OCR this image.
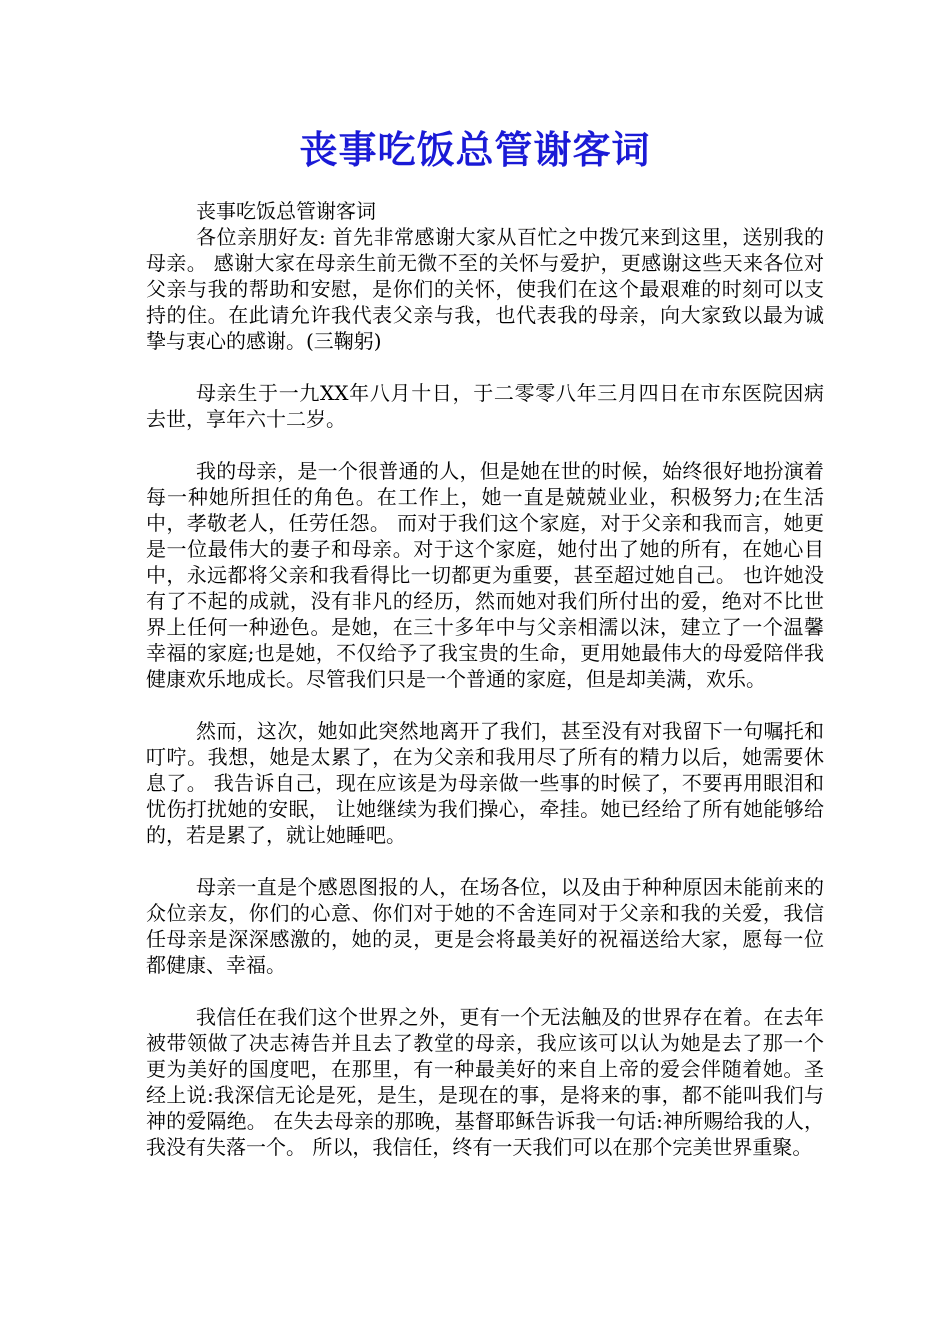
丧事吃饭总管谢客词

丧事吃饭总管谢客词

各位亲朋好友: 首先非常感谢大家从百忙之中拨冗来到这里，送别我的母亲。 感谢大家在母亲生前无微不至的关怀与爱护，更感谢这些天来各位对父亲与我的帮助和安慰，是你们的关怀，使我们在这个最艰难的时刻可以支持的住。在此请允许我代表父亲与我，也代表我的母亲，向大家致以最为诚挚与衷心的感谢。(三鞠躬)

母亲生于一九XX年八月十日，于二零零八年三月四日在市东医院因病去世，享年六十二岁。

我的母亲，是一个很普通的人，但是她在世的时候，始终很好地扮演着每一种她所担任的角色。在工作上，她一直是兢兢业业，积极努力;在生活中，孝敬老人，任劳任怨。 而对于我们这个家庭，对于父亲和我而言，她更是一位最伟大的妻子和母亲。对于这个家庭，她付出了她的所有，在她心目中，永远都将父亲和我看得比一切都更为重要，甚至超过她自己。 也许她没有了不起的成就，没有非凡的经历，然而她对我们所付出的爱，绝对不比世界上任何一种逊色。是她，在三十多年中与父亲相濡以沫，建立了一个温馨幸福的家庭;也是她，不仅给予了我宝贵的生命，更用她最伟大的母爱陪伴我健康欢乐地成长。尽管我们只是一个普通的家庭，但是却美满，欢乐。

然而，这次，她如此突然地离开了我们，甚至没有对我留下一句嘱托和叮咛。我想，她是太累了，在为父亲和我用尽了所有的精力以后，她需要休息了。 我告诉自己，现在应该是为母亲做一些事的时候了，不要再用眼泪和忧伤打扰她的安眠， 让她继续为我们操心，牵挂。她已经给了所有她能够给的，若是累了，就让她睡吧。

母亲一直是个感恩图报的人，在场各位，以及由于种种原因未能前来的众位亲友，你们的心意、你们对于她的不舍连同对于父亲和我的关爱，我信任母亲是深深感激的，她的灵，更是会将最美好的祝福送给大家，愿每一位都健康、幸福。

我信任在我们这个世界之外，更有一个无法触及的世界存在着。在去年被带领做了决志祷告并且去了教堂的母亲，我应该可以认为她是去了那一个更为美好的国度吧，在那里，有一种最美好的来自上帝的爱会伴随着她。圣经上说:我深信无论是死，是生，是现在的事，是将来的事，都不能叫我们与神的爱隔绝。 在失去母亲的那晚，基督耶稣告诉我一句话:神所赐给我的人，我没有失落一个。 所以，我信任，终有一天我们可以在那个完美世界重聚。
